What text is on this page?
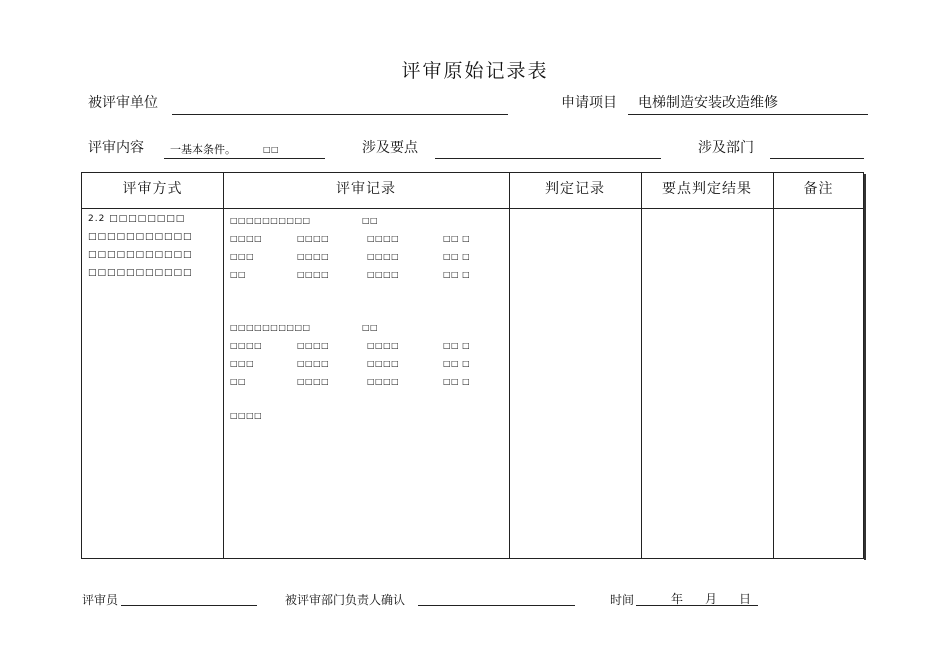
评审原始记录表
被评审单位	申请项目 电梯制造安装改造维修
评审内容 一基本条件。	□□	涉及要点	涉及部门
评审方式	评审记录	判定记录	要点判定结果	备注
2.2 □□□□□□□□
□□□□□□□□□□□
□□□□□□□□□□□
□□□□□□□□□□□
□□□□□□□□□□	□□
□□□□	□□□□	□□□□	□□ □
□□□	□□□□	□□□□	□□ □
□□	□□□□	□□□□	□□ □
□□□□□□□□□□	□□
□□□□	□□□□	□□□□	□□ □
□□□	□□□□	□□□□	□□ □
□□	□□□□	□□□□	□□ □
□□□□
评审员	被评审部门负责人确认	时间	年 月 日
